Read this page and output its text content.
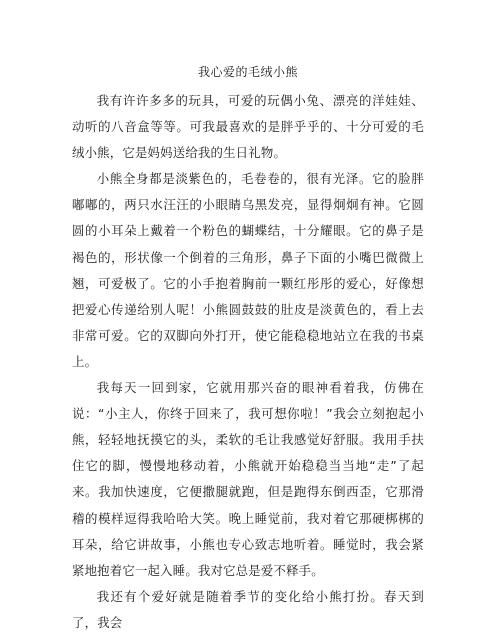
我心爱的毛绒小熊

我有许许多多的玩具，可爱的玩偶小兔、漂亮的洋娃娃、动听的八音盒等等。可我最喜欢的是胖乎乎的、十分可爱的毛绒小熊，它是妈妈送给我的生日礼物。

小熊全身都是淡紫色的，毛卷卷的，很有光泽。它的脸胖嘟嘟的，两只水汪汪的小眼睛乌黑发亮，显得炯炯有神。它圆圆的小耳朵上戴着一个粉色的蝴蝶结，十分耀眼。它的鼻子是褐色的，形状像一个倒着的三角形，鼻子下面的小嘴巴微微上翘，可爱极了。它的小手抱着胸前一颗红彤彤的爱心，好像想把爱心传递给别人呢！小熊圆鼓鼓的肚皮是淡黄色的，看上去非常可爱。它的双脚向外打开，使它能稳稳地站立在我的书桌上。

我每天一回到家，它就用那兴奋的眼神看着我，仿佛在说：“小主人，你终于回来了，我可想你啦！”我会立刻抱起小熊，轻轻地抚摸它的头，柔软的毛让我感觉好舒服。我用手扶住它的脚，慢慢地移动着，小熊就开始稳稳当当地“走”了起来。我加快速度，它便撒腿就跑，但是跑得东倒西歪，它那滑稽的模样逗得我哈哈大笑。晚上睡觉前，我对着它那硬梆梆的耳朵，给它讲故事，小熊也专心致志地听着。睡觉时，我会紧紧地抱着它一起入睡。我对它总是爱不释手。

我还有个爱好就是随着季节的变化给小熊打扮。春天到了，我会
